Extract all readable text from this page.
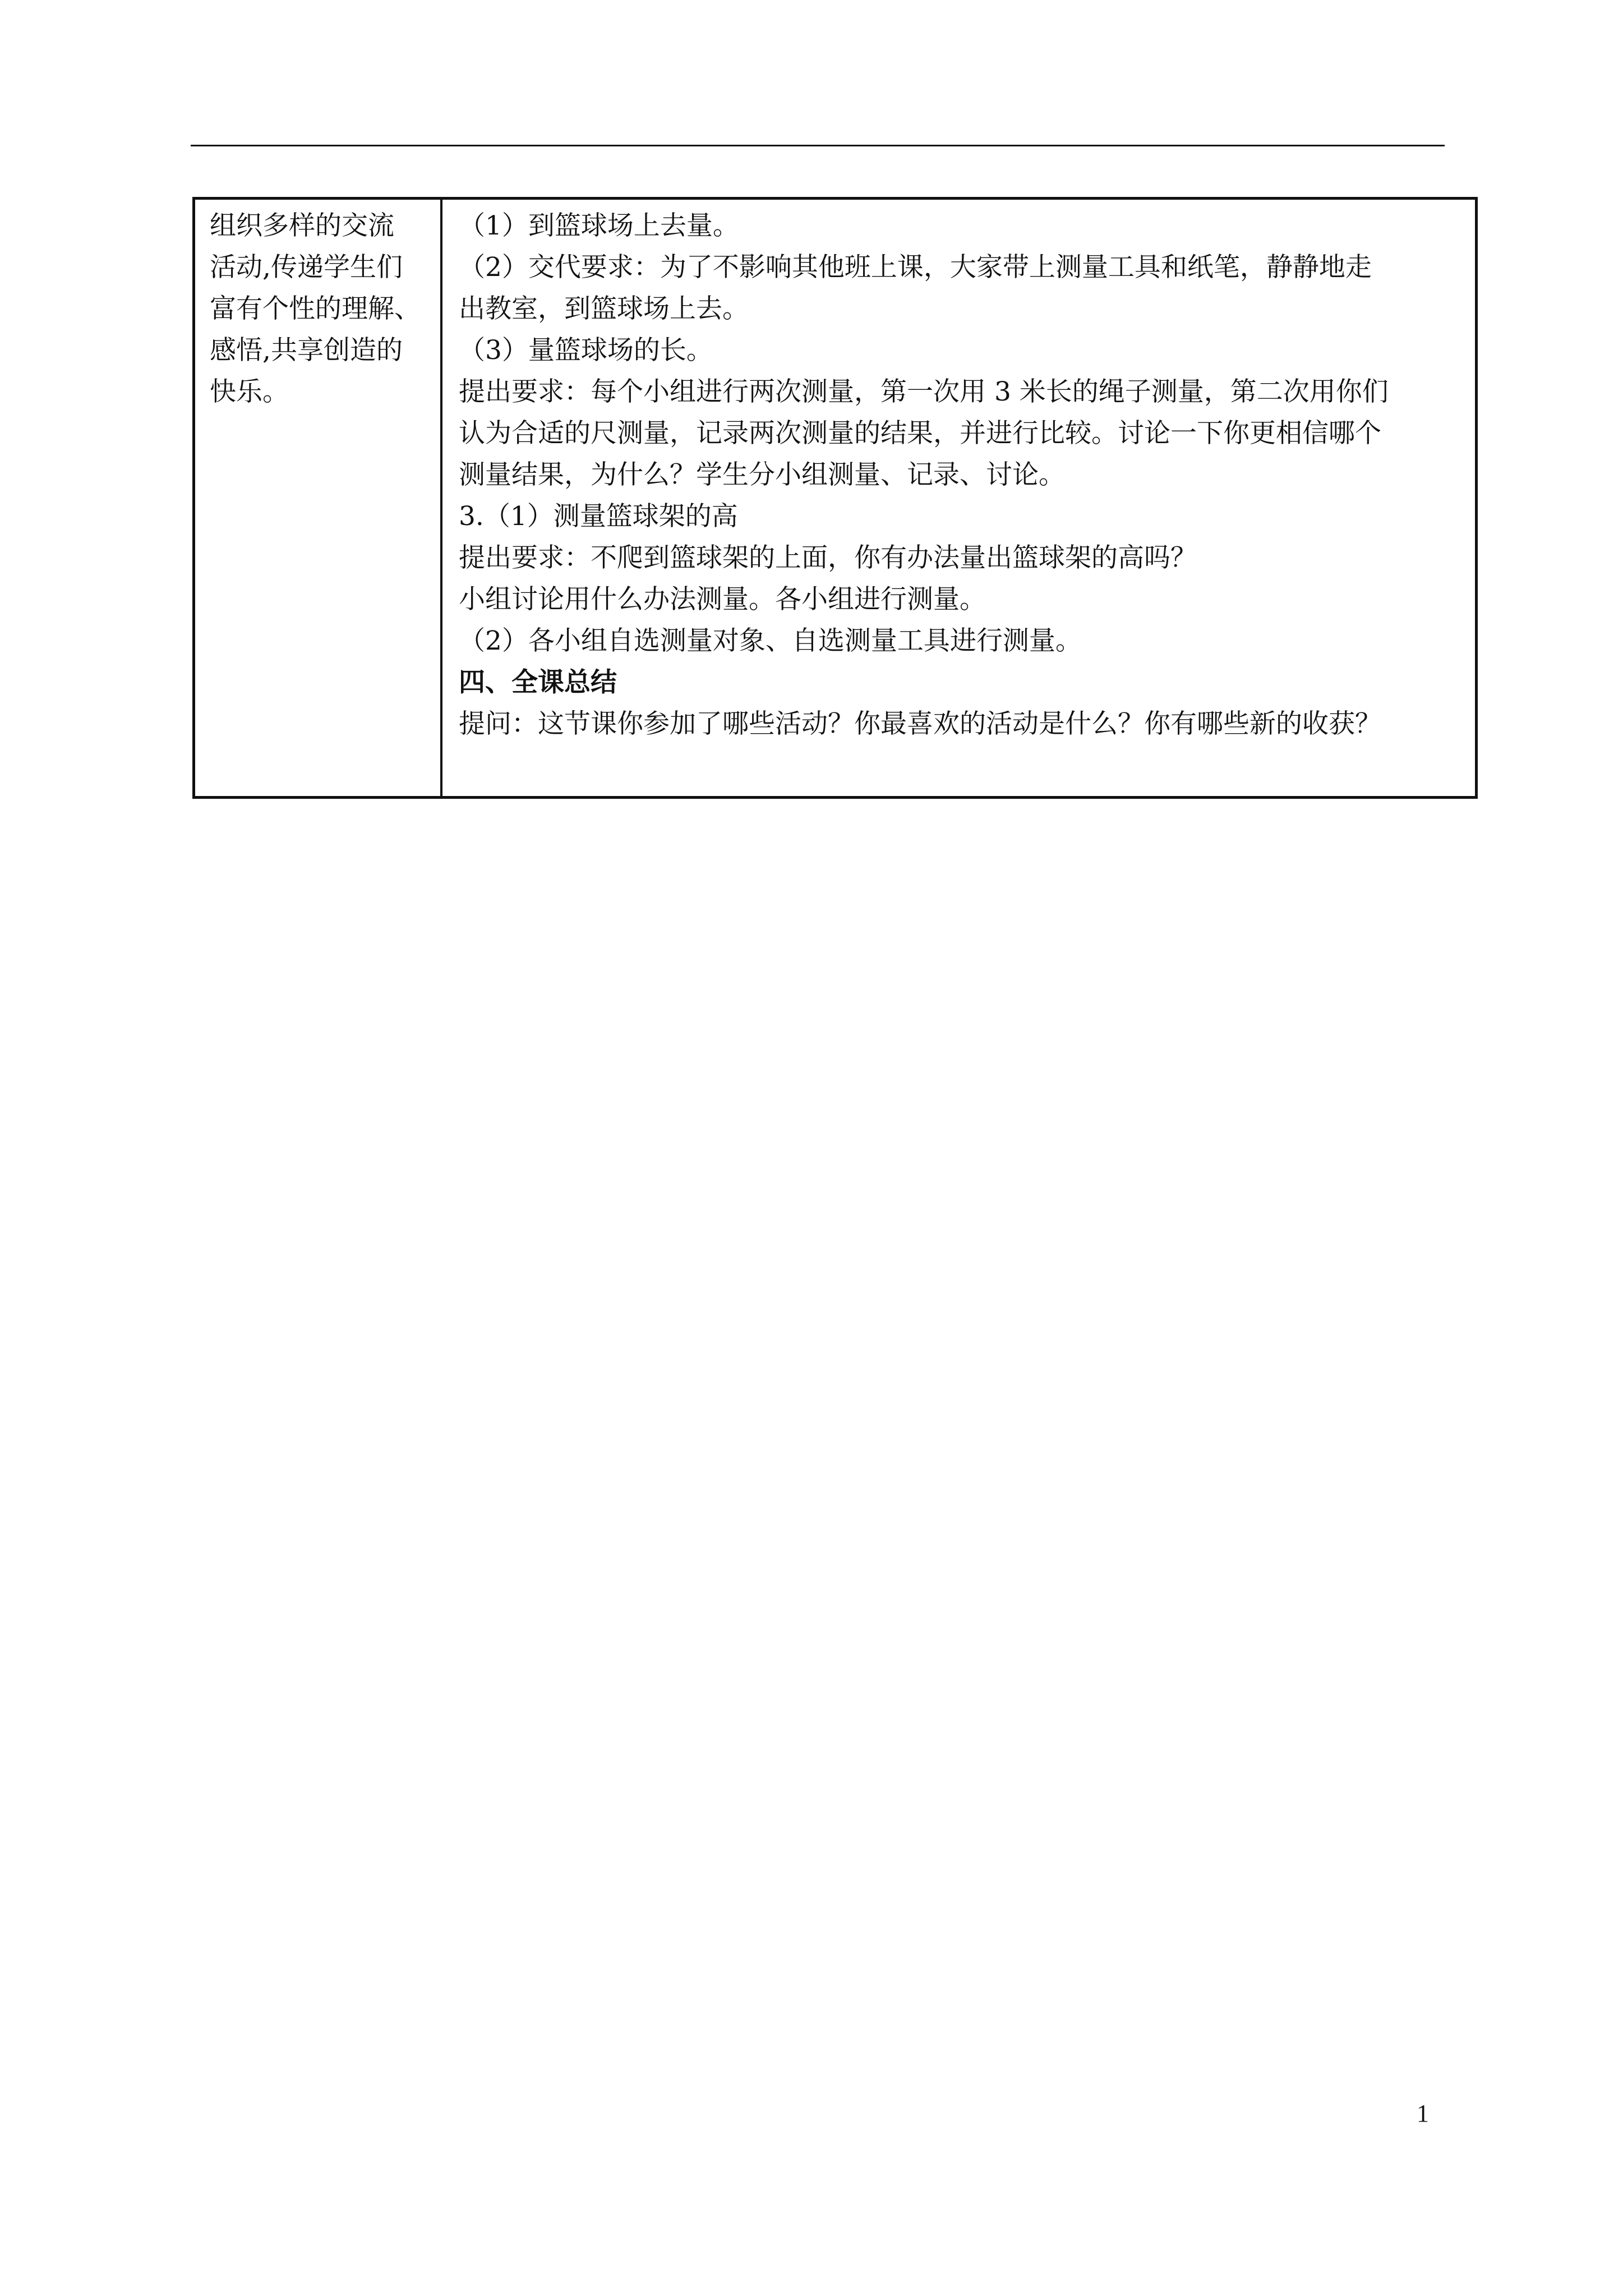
组织多样的交流
活动,传递学生们
富有个性的理解、
感悟,共享创造的
快乐。
（1）到篮球场上去量。
（2）交代要求：为了不影响其他班上课，大家带上测量工具和纸笔，静静地走
出教室，到篮球场上去。
（3）量篮球场的长。
提出要求：每个小组进行两次测量，第一次用 3 米长的绳子测量，第二次用你们
认为合适的尺测量，记录两次测量的结果，并进行比较。讨论一下你更相信哪个
测量结果，为什么？学生分小组测量、记录、讨论。
3.（1）测量篮球架的高
提出要求：不爬到篮球架的上面，你有办法量出篮球架的高吗？
小组讨论用什么办法测量。各小组进行测量。
（2）各小组自选测量对象、自选测量工具进行测量。
四、全课总结
提问：这节课你参加了哪些活动？你最喜欢的活动是什么？你有哪些新的收获？
1
